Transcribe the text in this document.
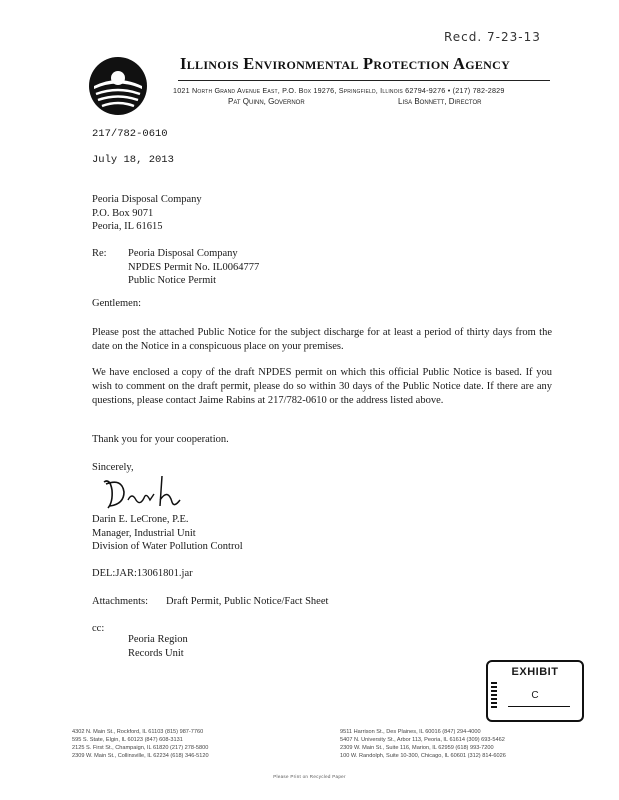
Recd. 7-23-13
Illinois Environmental Protection Agency
1021 North Grand Avenue East, P.O. Box 19276, Springfield, Illinois 62794-9276 • (217) 782-2829
Pat Quinn, Governor	Lisa Bonnett, Director
217/782-0610
July 18, 2013
Peoria Disposal Company
P.O. Box 9071
Peoria, IL 61615
Re: Peoria Disposal Company
NPDES Permit No. IL0064777
Public Notice Permit
Gentlemen:
Please post the attached Public Notice for the subject discharge for at least a period of thirty days from the date on the Notice in a conspicuous place on your premises.
We have enclosed a copy of the draft NPDES permit on which this official Public Notice is based. If you wish to comment on the draft permit, please do so within 30 days of the Public Notice date. If there are any questions, please contact Jaime Rabins at 217/782-0610 or the address listed above.
Thank you for your cooperation.
Sincerely,
Darin E. LeCrone, P.E.
Manager, Industrial Unit
Division of Water Pollution Control
DEL:JAR:13061801.jar
Attachments: Draft Permit, Public Notice/Fact Sheet
cc:
Peoria Region
Records Unit
EXHIBIT
C
4302 N. Main St., Rockford, IL 61103 (815) 987-7760
595 S. State, Elgin, IL 60123 (847) 608-3131
2125 S. First St., Champaign, IL 61820 (217) 278-5800
2309 W. Main St., Collinsville, IL 62234 (618) 346-5120
9511 Harrison St., Des Plaines, IL 60016 (847) 294-4000
5407 N. University St., Arbor 113, Peoria, IL 61614 (309) 693-5462
2309 W. Main St., Suite 116, Marion, IL 62959 (618) 993-7200
100 W. Randolph, Suite 10-300, Chicago, IL 60601 (312) 814-6026
Please Print on Recycled Paper
